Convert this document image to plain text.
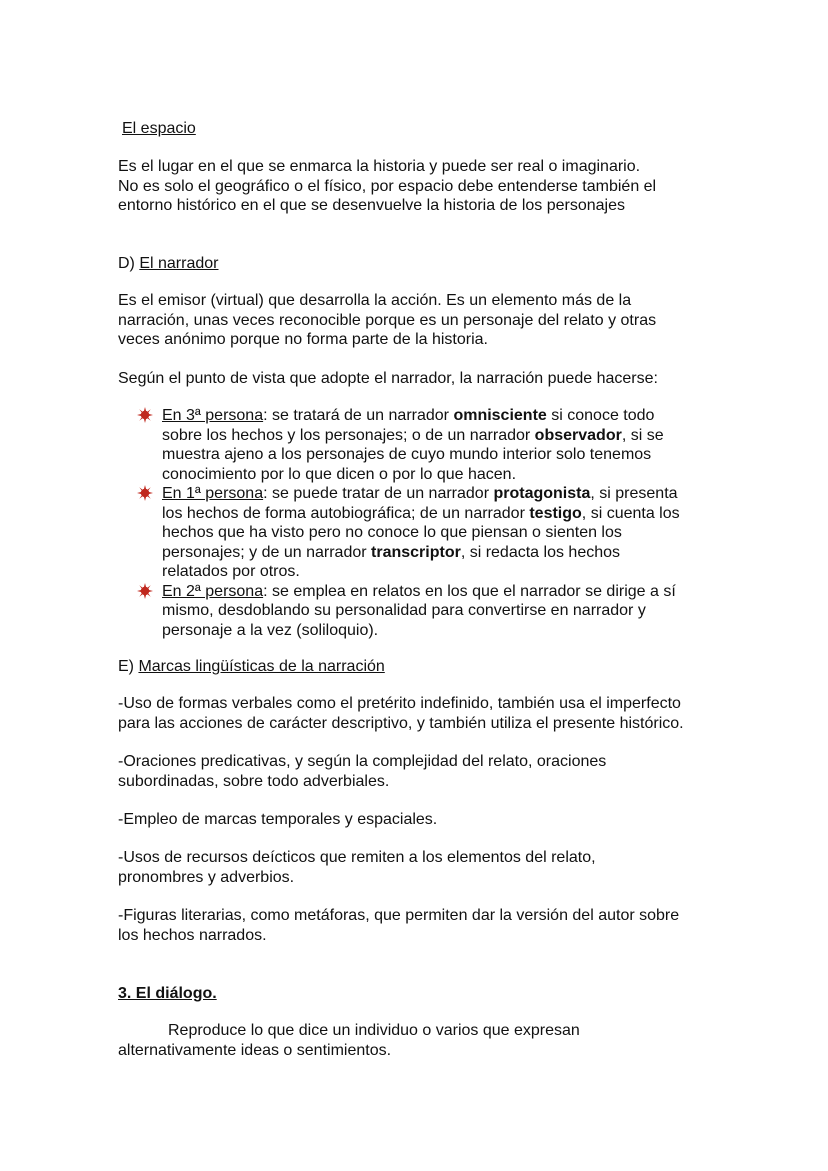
El espacio

Es el lugar en el que se enmarca la historia y puede ser real o imaginario.
No es solo el geográfico o el físico, por espacio debe entenderse también el
entorno histórico en el que se desenvuelve la historia de los personajes

D) El narrador

Es el emisor (virtual) que desarrolla la acción. Es un elemento más de la
narración, unas veces reconocible porque es un personaje del relato y otras
veces anónimo porque no forma parte de la historia.

Según el punto de vista que adopte el narrador, la narración puede hacerse:

En 3ª persona: se tratará de un narrador omnisciente si conoce todo
sobre los hechos y los personajes; o de un narrador observador, si se
muestra ajeno a los personajes de cuyo mundo interior solo tenemos
conocimiento por lo que dicen o por lo que hacen.
En 1ª persona: se puede tratar de un narrador protagonista, si presenta
los hechos de forma autobiográfica; de un narrador testigo, si cuenta los
hechos que ha visto pero no conoce lo que piensan o sienten los
personajes; y de un narrador transcriptor, si redacta los hechos
relatados por otros.
En 2ª persona: se emplea en relatos en los que el narrador se dirige a sí
mismo, desdoblando su personalidad para convertirse en narrador y
personaje a la vez (soliloquio).

E) Marcas lingüísticas de la narración

-Uso de formas verbales como el pretérito indefinido, también usa el imperfecto
para las acciones de carácter descriptivo, y también utiliza el presente histórico.

-Oraciones predicativas, y según la complejidad del relato, oraciones
subordinadas, sobre todo adverbiales.

-Empleo de marcas temporales y espaciales.

-Usos de recursos deícticos que remiten a los elementos del relato,
pronombres y adverbios.

-Figuras literarias, como metáforas, que permiten dar la versión del autor sobre
los hechos narrados.

3. El diálogo.

Reproduce lo que dice un individuo o varios que expresan
alternativamente ideas o sentimientos.
